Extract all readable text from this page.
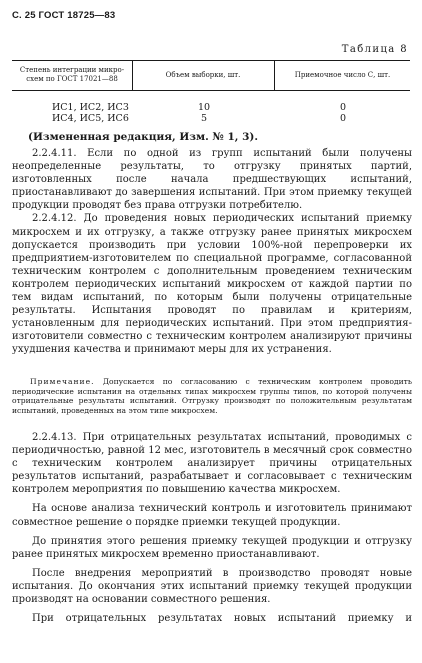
С. 25 ГОСТ 18725—83
Таблица 8
Степень интеграции микро-схем по ГОСТ 17021—88	Объем выборки, шт.	Приемочное число С, шт.
ИС1, ИС2, ИС3	10	0
ИС4, ИС5, ИС6	5	0
(Измененная редакция, Изм. № 1, 3).

2.2.4.11. Если по одной из групп испытаний были получены неопределенные результаты, то отгрузку принятых партий, изготовленных после начала предшествующих испытаний, приостанавливают до завершения испытаний. При этом приемку текущей продукции проводят без права отгрузки потребителю.

2.2.4.12. До проведения новых периодических испытаний приемку микросхем и их отгрузку, а также отгрузку ранее принятых микросхем допускается производить при условии 100%-ной перепроверки их предприятием-изготовителем по специальной программе, согласованной техническим контролем с дополнительным проведением техническим контролем периодических испытаний микросхем от каждой партии по тем видам испытаний, по которым были получены отрицательные результаты. Испытания проводят по правилам и критериям, установленным для периодических испытаний. При этом предприятия-изготовители совместно с техническим контролем анализируют причины ухудшения качества и принимают меры для их устранения.

Примечание. Допускается по согласованию с техническим контролем проводить периодические испытания на отдельных типах микросхем группы типов, по которой получены отрицательные результаты испытаний. Отгрузку производят по положительным результатам испытаний, проведенных на этом типе микросхем.

2.2.4.13. При отрицательных результатах испытаний, проводимых с периодичностью, равной 12 мес, изготовитель в месячный срок совместно с техническим контролем анализирует причины отрицательных результатов испытаний, разрабатывает и согласовывает с техническим контролем мероприятия по повышению качества микросхем.

На основе анализа технический контроль и изготовитель принимают совместное решение о порядке приемки текущей продукции.

До принятия этого решения приемку текущей продукции и отгрузку ранее принятых микросхем временно приостанавливают.

После внедрения мероприятий в производство проводят новые испытания. До окончания этих испытаний приемку текущей продукции производят на основании совместного решения.

При отрицательных результатах новых испытаний приемку и
